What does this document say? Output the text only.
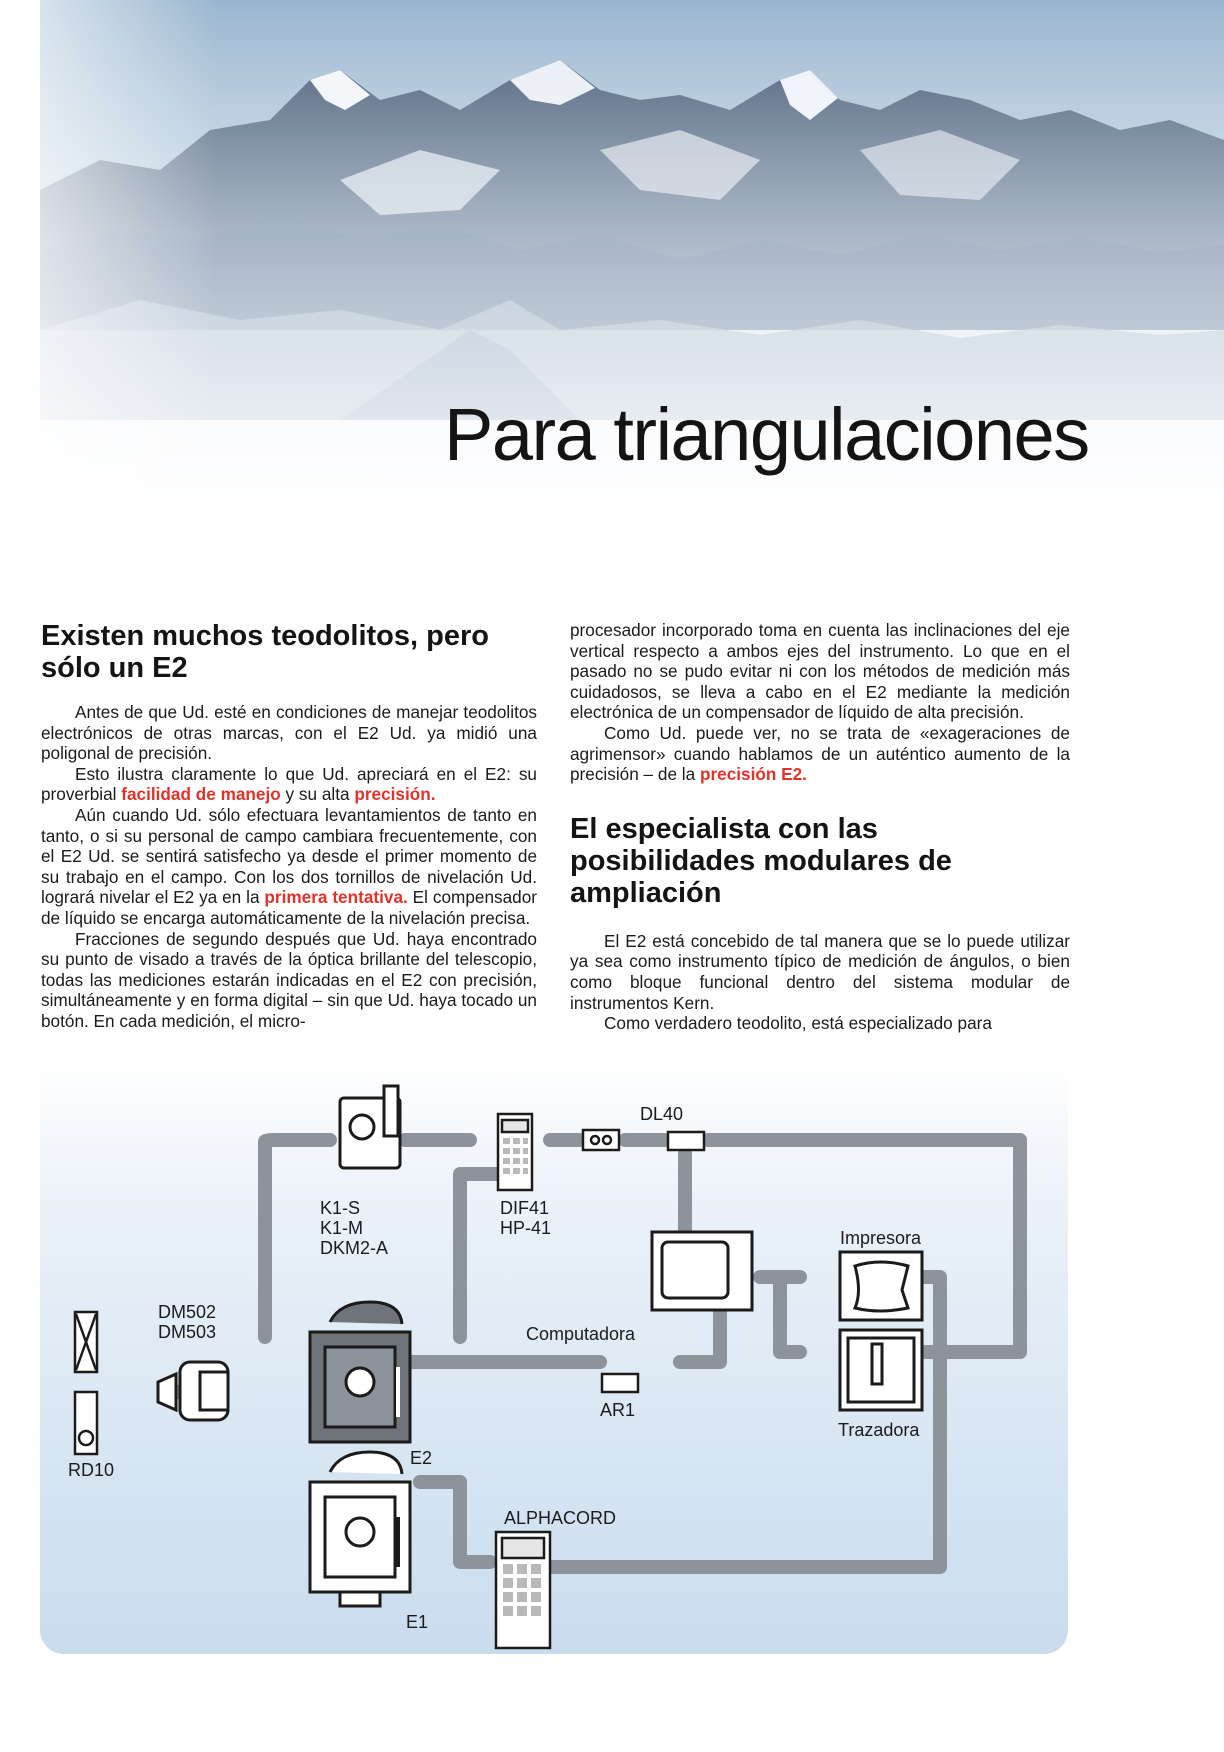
Para triangulaciones
Existen muchos teodolitos, pero sólo un E2

Antes de que Ud. esté en condiciones de manejar teodolitos electrónicos de otras marcas, con el E2 Ud. ya midió una poligonal de precisión.

Esto ilustra claramente lo que Ud. apreciará en el E2: su proverbial facilidad de manejo y su alta precisión.

Aún cuando Ud. sólo efectuara levantamientos de tanto en tanto, o si su personal de campo cambiara frecuentemente, con el E2 Ud. se sentirá satisfecho ya desde el primer momento de su trabajo en el campo. Con los dos tornillos de nivelación Ud. logrará nivelar el E2 ya en la primera tentativa. El compensador de líquido se encarga automáticamente de la nivelación precisa.

Fracciones de segundo después que Ud. haya encontrado su punto de visado a través de la óptica brillante del telescopio, todas las mediciones estarán indicadas en el E2 con precisión, simultáneamente y en forma digital – sin que Ud. haya tocado un botón. En cada medición, el micro-

procesador incorporado toma en cuenta las inclinaciones del eje vertical respecto a ambos ejes del instrumento. Lo que en el pasado no se pudo evitar ni con los métodos de medición más cuidadosos, se lleva a cabo en el E2 mediante la medición electrónica de un compensador de líquido de alta precisión.

Como Ud. puede ver, no se trata de «exageraciones de agrimensor» cuando hablamos de un auténtico aumento de la precisión – de la precisión E2.

El especialista con las posibilidades modulares de ampliación

El E2 está concebido de tal manera que se lo puede utilizar ya sea como instrumento típico de medición de ángulos, o bien como bloque funcional dentro del sistema modular de instrumentos Kern.

Como verdadero teodolito, está especializado para

DL40
K1-S
K1-M
DKM2-A
DIF41
HP-41	Impresora
Computadora
DM502
DM503
RD10
E2
AR1
Trazadora
ALPHACORD
E1
